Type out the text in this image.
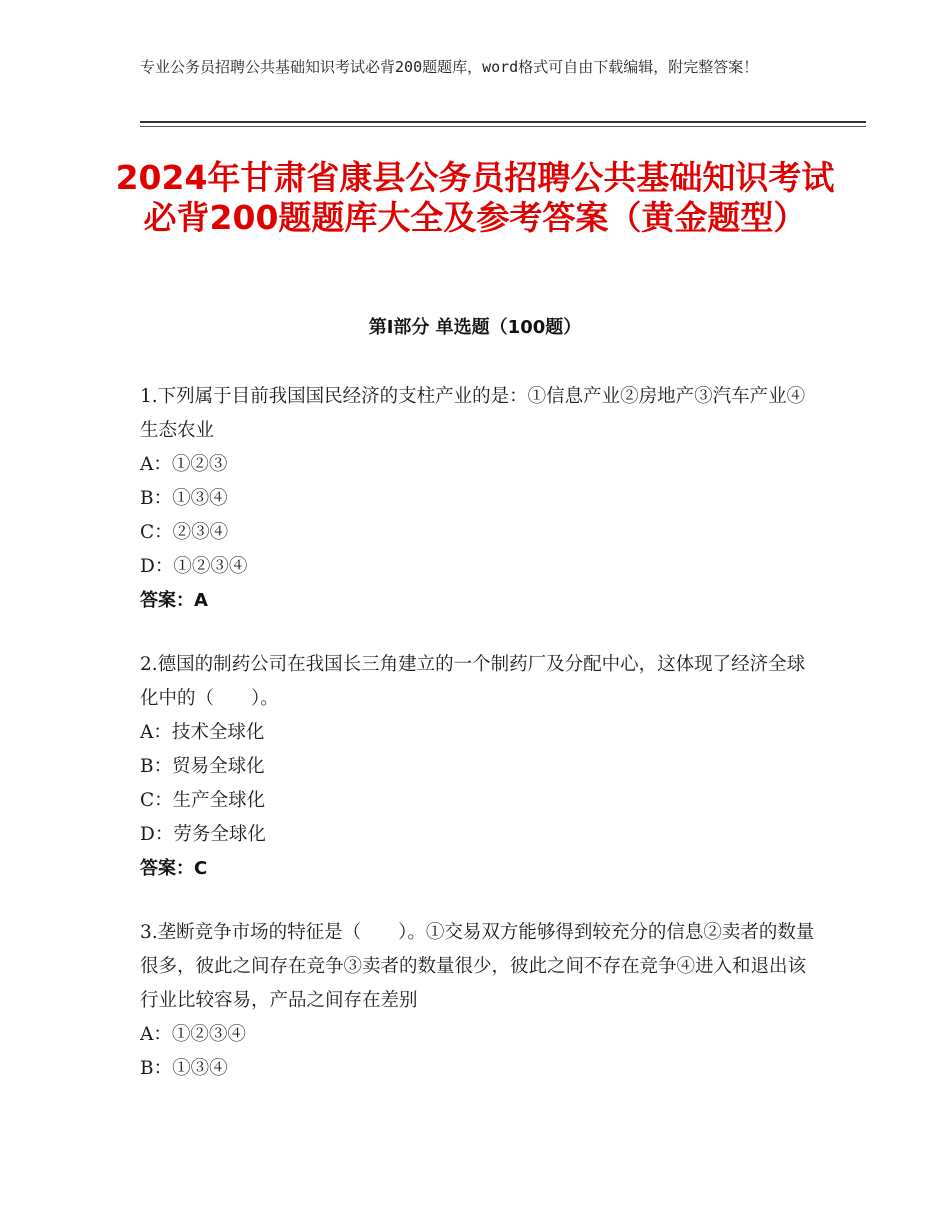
专业公务员招聘公共基础知识考试必背200题题库，word格式可自由下载编辑，附完整答案！
2024年甘肃省康县公务员招聘公共基础知识考试必背200题题库大全及参考答案（黄金题型）
第Ⅰ部分 单选题（100题）

1.下列属于目前我国国民经济的支柱产业的是：①信息产业②房地产③汽车产业④生态农业

A：①②③

B：①③④

C：②③④

D：①②③④

答案：A

2.德国的制药公司在我国长三角建立的一个制药厂及分配中心，这体现了经济全球化中的（　　）。

A：技术全球化

B：贸易全球化

C：生产全球化

D：劳务全球化

答案：C

3.垄断竞争市场的特征是（　　）。①交易双方能够得到较充分的信息②卖者的数量很多，彼此之间存在竞争③卖者的数量很少，彼此之间不存在竞争④进入和退出该行业比较容易，产品之间存在差别

A：①②③④

B：①③④
